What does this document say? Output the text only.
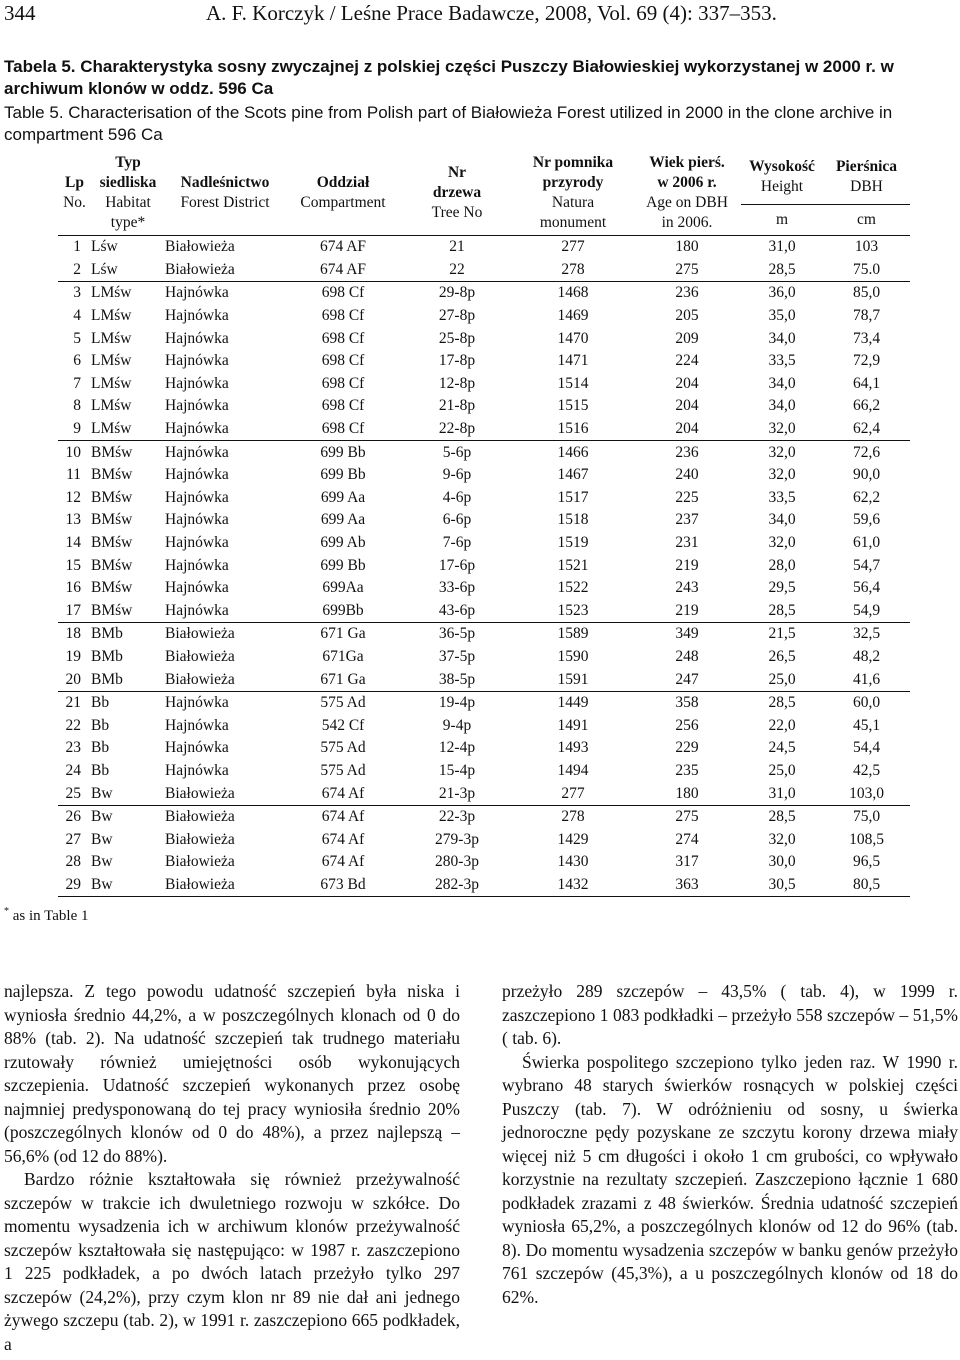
344	A. F. Korczyk / Leśne Prace Badawcze, 2008, Vol. 69 (4): 337–353.
Tabela 5. Charakterystyka sosny zwyczajnej z polskiej części Puszczy Białowieskiej wykorzystanej w 2000 r. w archiwum klonów w oddz. 596 Ca
Table 5. Characterisation of the Scots pine from Polish part of Białowieża Forest utilized in 2000 in the clone archive in compartment 596 Ca
Lp
No.	Typ
siedliska
Habitat
type*	Nadleśnictwo
Forest District	Oddział
Compartment	Nr
drzewa
Tree No	Nr pomnika
przyrody
Natura
monument	Wiek pierś.
w 2006 r.
Age on DBH
in 2006.	Wysokość
Height	Pierśnica
DBH

							m	cm
1	Lśw	Białowieża	674 AF	21	277	180	31,0	103
2	Lśw	Białowieża	674 AF	22	278	275	28,5	75.0
3	LMśw	Hajnówka	698 Cf	29-8p	1468	236	36,0	85,0
4	LMśw	Hajnówka	698 Cf	27-8p	1469	205	35,0	78,7
5	LMśw	Hajnówka	698 Cf	25-8p	1470	209	34,0	73,4
6	LMśw	Hajnówka	698 Cf	17-8p	1471	224	33,5	72,9
7	LMśw	Hajnówka	698 Cf	12-8p	1514	204	34,0	64,1
8	LMśw	Hajnówka	698 Cf	21-8p	1515	204	34,0	66,2
9	LMśw	Hajnówka	698 Cf	22-8p	1516	204	32,0	62,4
10	BMśw	Hajnówka	699 Bb	5-6p	1466	236	32,0	72,6
11	BMśw	Hajnówka	699 Bb	9-6p	1467	240	32,0	90,0
12	BMśw	Hajnówka	699 Aa	4-6p	1517	225	33,5	62,2
13	BMśw	Hajnówka	699 Aa	6-6p	1518	237	34,0	59,6
14	BMśw	Hajnówka	699 Ab	7-6p	1519	231	32,0	61,0
15	BMśw	Hajnówka	699 Bb	17-6p	1521	219	28,0	54,7
16	BMśw	Hajnówka	699Aa	33-6p	1522	243	29,5	56,4
17	BMśw	Hajnówka	699Bb	43-6p	1523	219	28,5	54,9
18	BMb	Białowieża	671 Ga	36-5p	1589	349	21,5	32,5
19	BMb	Białowieża	671Ga	37-5p	1590	248	26,5	48,2
20	BMb	Białowieża	671 Ga	38-5p	1591	247	25,0	41,6
21	Bb	Hajnówka	575 Ad	19-4p	1449	358	28,5	60,0
22	Bb	Hajnówka	542 Cf	9-4p	1491	256	22,0	45,1
23	Bb	Hajnówka	575 Ad	12-4p	1493	229	24,5	54,4
24	Bb	Hajnówka	575 Ad	15-4p	1494	235	25,0	42,5
25	Bw	Białowieża	674 Af	21-3p	277	180	31,0	103,0
26	Bw	Białowieża	674 Af	22-3p	278	275	28,5	75,0
27	Bw	Białowieża	674 Af	279-3p	1429	274	32,0	108,5
28	Bw	Białowieża	674 Af	280-3p	1430	317	30,0	96,5
29	Bw	Białowieża	673 Bd	282-3p	1432	363	30,5	80,5
* as in Table 1

najlepsza. Z tego powodu udatność szczepień była niska i wyniosła średnio 44,2%, a w poszczególnych klonach od 0 do 88% (tab. 2). Na udatność szczepień tak trudnego materiału rzutowały również umiejętności osób wykonujących szczepienia. Udatność szczepień wykonanych przez osobę najmniej predysponowaną do tej pracy wyniosiła średnio 20% (poszczególnych klonów od 0 do 48%), a przez najlepszą – 56,6% (od 12 do 88%).

Bardzo różnie kształtowała się również przeżywalność szczepów w trakcie ich dwuletniego rozwoju w szkółce. Do momentu wysadzenia ich w archiwum klonów przeżywalność szczepów kształtowała się następująco: w 1987 r. zaszczepiono 1 225 podkładek, a po dwóch latach przeżyło tylko 297 szczepów (24,2%), przy czym klon nr 89 nie dał ani jednego żywego szczepu (tab. 2), w 1991 r. zaszczepiono 665 podkładek, a

przeżyło 289 szczepów – 43,5% ( tab. 4), w 1999 r. zaszczepiono 1 083 podkładki – przeżyło 558 szczepów – 51,5% ( tab. 6).

Świerka pospolitego szczepiono tylko jeden raz. W 1990 r. wybrano 48 starych świerków rosnących w polskiej części Puszczy (tab. 7). W odróżnieniu od sosny, u świerka jednoroczne pędy pozyskane ze szczytu korony drzewa miały więcej niż 5 cm długości i około 1 cm grubości, co wpływało korzystnie na rezultaty szczepień. Zaszczepiono łącznie 1 680 podkładek zrazami z 48 świerków. Średnia udatność szczepień wyniosła 65,2%, a poszczególnych klonów od 12 do 96% (tab. 8). Do momentu wysadzenia szczepów w banku genów przeżyło 761 szczepów (45,3%), a u poszczególnych klonów od 18 do 62%.
